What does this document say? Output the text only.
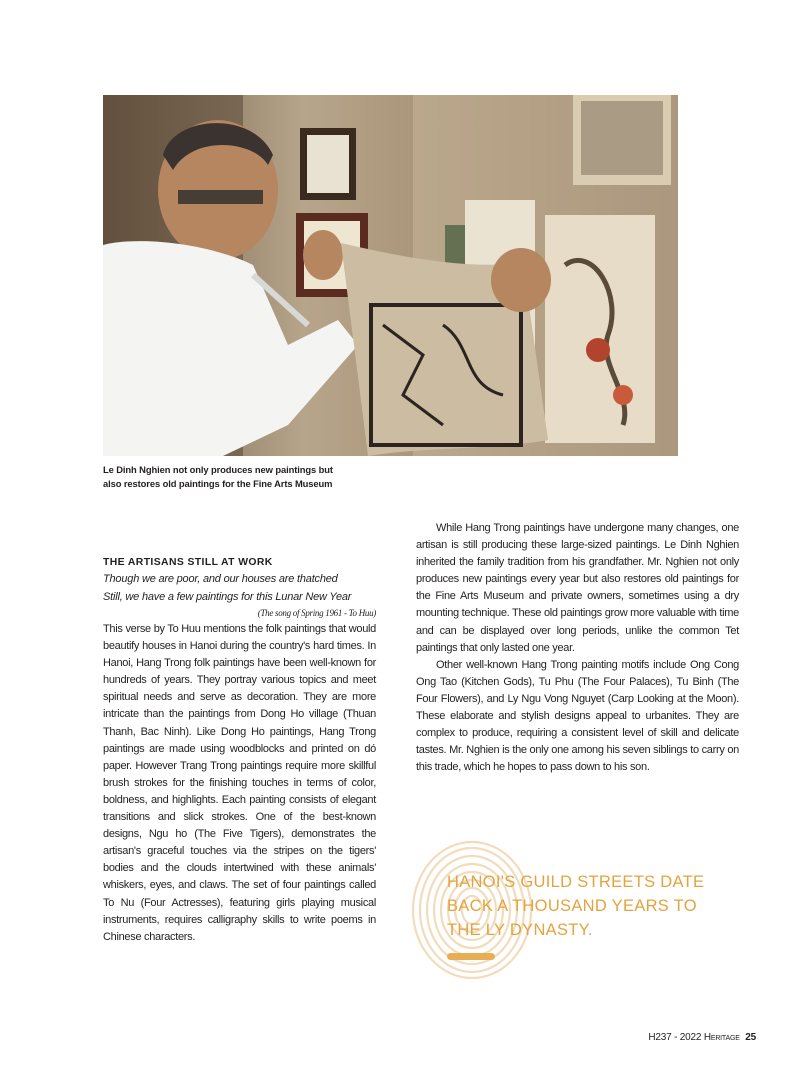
Le Dinh Nghien not only produces new paintings but
also restores old paintings for the Fine Arts Museum

THE ARTISANS STILL AT WORK

Though we are poor, and our houses are thatched

Still, we have a few paintings for this Lunar New Year

(The song of Spring 1961 - To Huu)

This verse by To Huu mentions the folk paintings that would beautify houses in Hanoi during the country's hard times. In Hanoi, Hang Trong folk paintings have been well-known for hundreds of years. They portray various topics and meet spiritual needs and serve as decoration. They are more intricate than the paintings from Dong Ho village (Thuan Thanh, Bac Ninh). Like Dong Ho paintings, Hang Trong paintings are made using woodblocks and printed on dó paper. However Trang Trong paintings require more skillful brush strokes for the finishing touches in terms of color, boldness, and highlights. Each painting consists of elegant transitions and slick strokes. One of the best-known designs, Ngu ho (The Five Tigers), demonstrates the artisan's graceful touches via the stripes on the tigers' bodies and the clouds intertwined with these animals' whiskers, eyes, and claws. The set of four paintings called To Nu (Four Actresses), featuring girls playing musical instruments, requires calligraphy skills to write poems in Chinese characters.

While Hang Trong paintings have undergone many changes, one artisan is still producing these large-sized paintings. Le Dinh Nghien inherited the family tradition from his grandfather. Mr. Nghien not only produces new paintings every year but also restores old paintings for the Fine Arts Museum and private owners, sometimes using a dry mounting technique. These old paintings grow more valuable with time and can be displayed over long periods, unlike the common Tet paintings that only lasted one year.

Other well-known Hang Trong painting motifs include Ong Cong Ong Tao (Kitchen Gods), Tu Phu (The Four Palaces), Tu Binh (The Four Flowers), and Ly Ngu Vong Nguyet (Carp Looking at the Moon). These elaborate and stylish designs appeal to urbanites. They are complex to produce, requiring a consistent level of skill and delicate tastes. Mr. Nghien is the only one among his seven siblings to carry on this trade, which he hopes to pass down to his son.

HANOI'S GUILD STREETS DATE
BACK A THOUSAND YEARS TO
THE LY DYNASTY.
H237 - 2022 Heritage 25
